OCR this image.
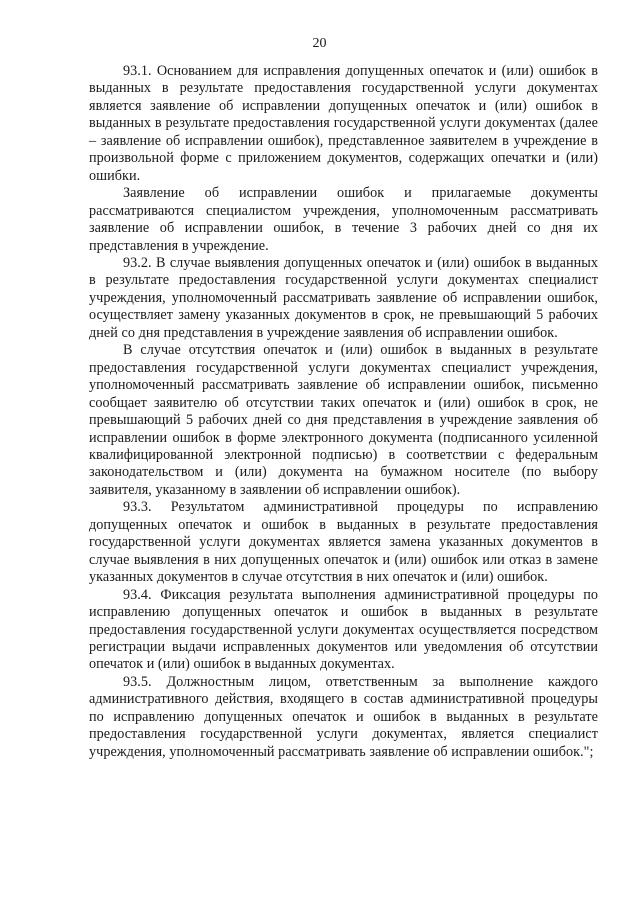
20

93.1. Основанием для исправления допущенных опечаток и (или) ошибок в выданных в результате предоставления государственной услуги документах является заявление об исправлении допущенных опечаток и (или) ошибок в выданных в результате предоставления государственной услуги документах (далее – заявление об исправлении ошибок), представленное заявителем в учреждение в произвольной форме с приложением документов, содержащих опечатки и (или) ошибки.

Заявление об исправлении ошибок и прилагаемые документы рассматриваются специалистом учреждения, уполномоченным рассматривать заявление об исправлении ошибок, в течение 3 рабочих дней со дня их представления в учреждение.

93.2. В случае выявления допущенных опечаток и (или) ошибок в выданных в результате предоставления государственной услуги документах специалист учреждения, уполномоченный рассматривать заявление об исправлении ошибок, осуществляет замену указанных документов в срок, не превышающий 5 рабочих дней со дня представления в учреждение заявления об исправлении ошибок.

В случае отсутствия опечаток и (или) ошибок в выданных в результате предоставления государственной услуги документах специалист учреждения, уполномоченный рассматривать заявление об исправлении ошибок, письменно сообщает заявителю об отсутствии таких опечаток и (или) ошибок в срок, не превышающий 5 рабочих дней со дня представления в учреждение заявления об исправлении ошибок в форме электронного документа (подписанного усиленной квалифицированной электронной подписью) в соответствии с федеральным законодательством и (или) документа на бумажном носителе (по выбору заявителя, указанному в заявлении об исправлении ошибок).

93.3. Результатом административной процедуры по исправлению допущенных опечаток и ошибок в выданных в результате предоставления государственной услуги документах является замена указанных документов в случае выявления в них допущенных опечаток и (или) ошибок или отказ в замене указанных документов в случае отсутствия в них опечаток и (или) ошибок.

93.4. Фиксация результата выполнения административной процедуры по исправлению допущенных опечаток и ошибок в выданных в результате предоставления государственной услуги документах осуществляется посредством регистрации выдачи исправленных документов или уведомления об отсутствии опечаток и (или) ошибок в выданных документах.

93.5. Должностным лицом, ответственным за выполнение каждого административного действия, входящего в состав административной процедуры по исправлению допущенных опечаток и ошибок в выданных в результате предоставления государственной услуги документах, является специалист учреждения, уполномоченный рассматривать заявление об исправлении ошибок.";
